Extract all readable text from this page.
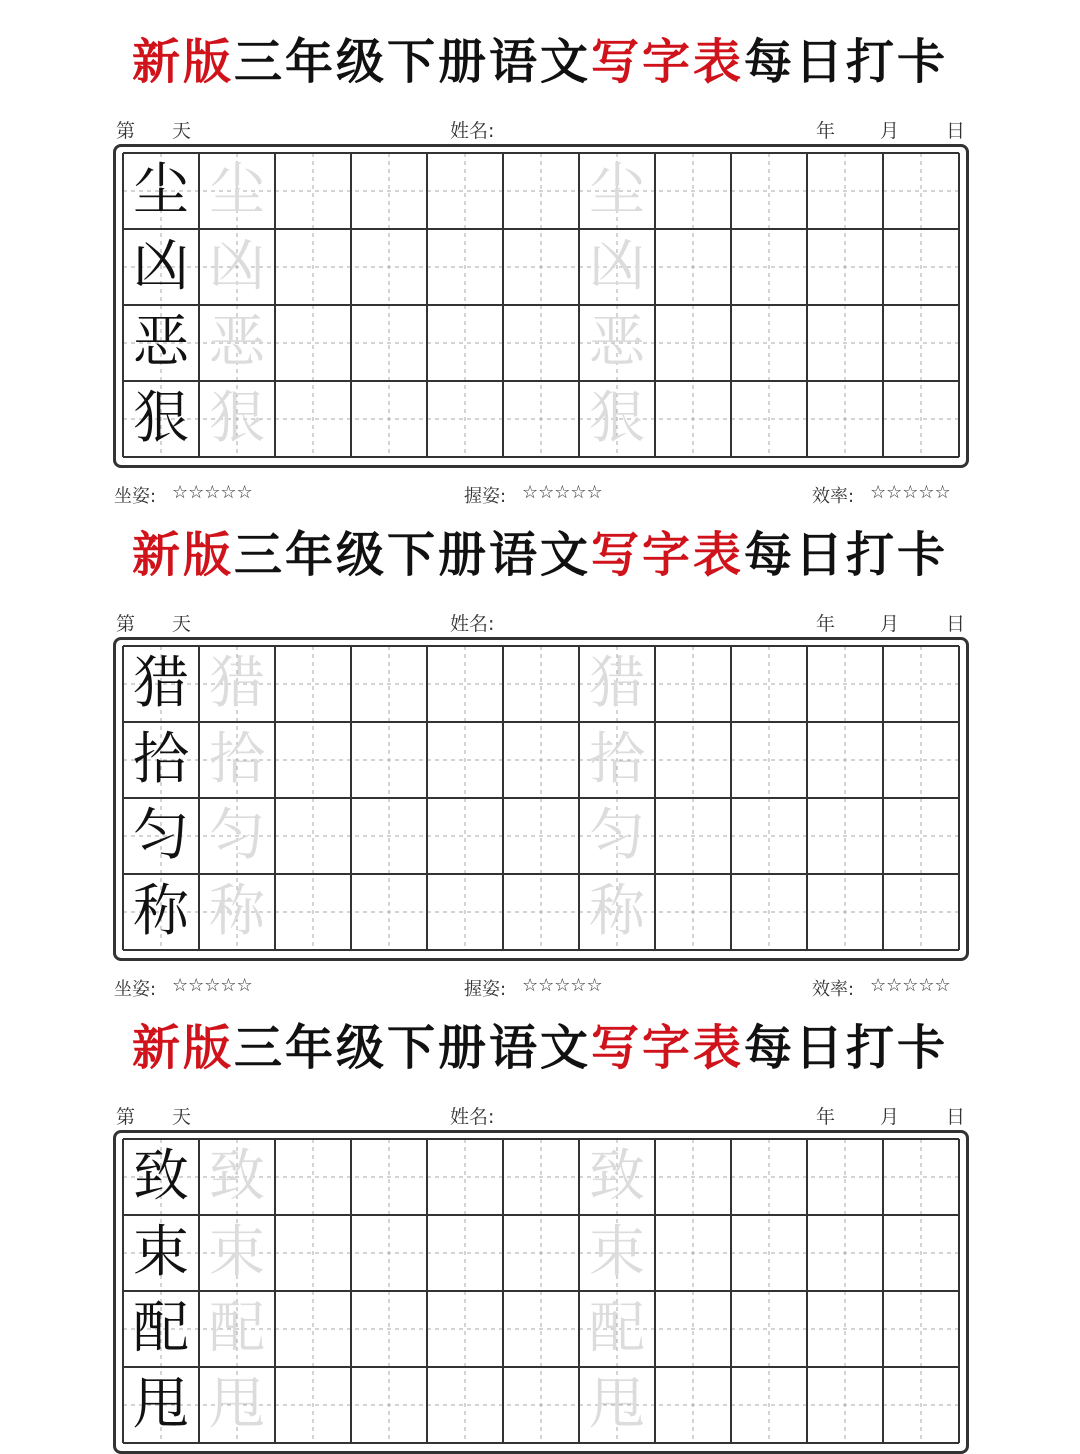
新版三年级下册语文写字表每日打卡
第 天	姓名:	年 月 日
尘 尘	尘
凶 凶	凶
恶 恶	恶
狠 狠	狠
坐姿: ☆☆☆☆☆	握姿: ☆☆☆☆☆	效率: ☆☆☆☆☆
新版三年级下册语文写字表每日打卡
第 天	姓名:	年 月 日
猎 猎	猎
拾 拾	拾
匀 匀	匀
称 称	称
坐姿: ☆☆☆☆☆	握姿: ☆☆☆☆☆	效率: ☆☆☆☆☆
新版三年级下册语文写字表每日打卡
第 天	姓名:	年 月 日
致 致	致
束 束	束
配 配	配
甩 甩	甩
